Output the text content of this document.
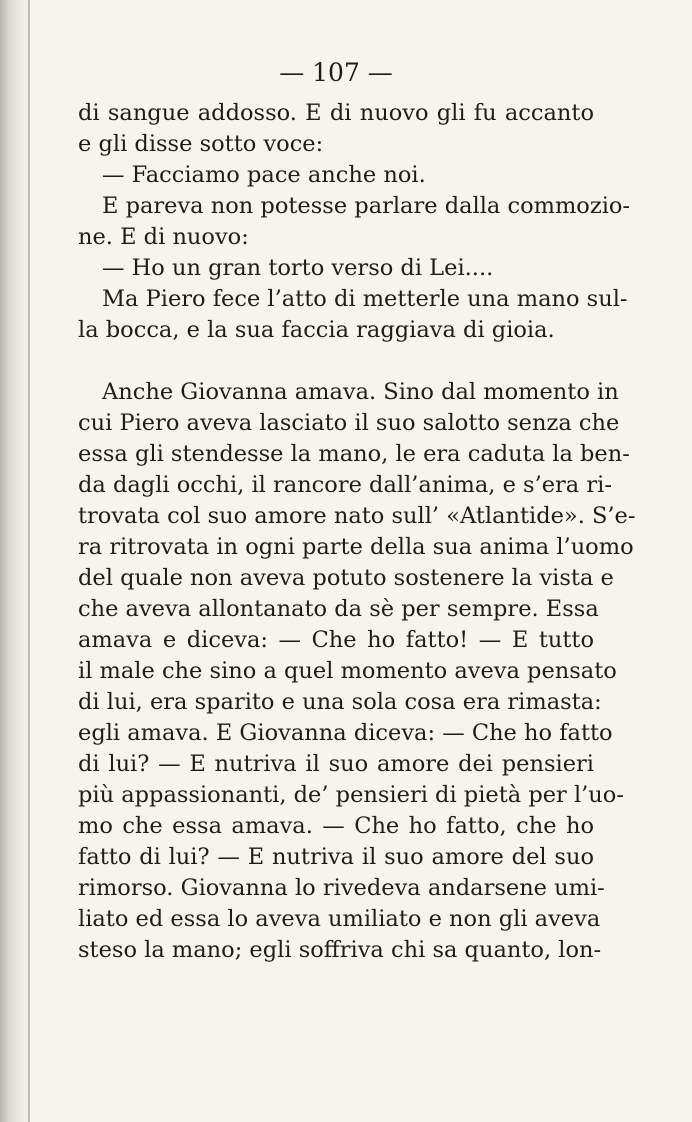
— 107 —
di sangue addosso. E di nuovo gli fu accanto
e gli disse sotto voce:
— Facciamo pace anche noi.
E pareva non potesse parlare dalla commozio-
ne. E di nuovo:
— Ho un gran torto verso di Lei....
Ma Piero fece l’atto di metterle una mano sul-
la bocca, e la sua faccia raggiava di gioia.
Anche Giovanna amava. Sino dal momento in
cui Piero aveva lasciato il suo salotto senza che
essa gli stendesse la mano, le era caduta la ben-
da dagli occhi, il rancore dall’anima, e s’era ri-
trovata col suo amore nato sull’ «Atlantide». S’e-
ra ritrovata in ogni parte della sua anima l’uomo
del quale non aveva potuto sostenere la vista e
che aveva allontanato da sè per sempre. Essa
amava e diceva: — Che ho fatto! — E tutto
il male che sino a quel momento aveva pensato
di lui, era sparito e una sola cosa era rimasta:
egli amava. E Giovanna diceva: — Che ho fatto
di lui? — E nutriva il suo amore dei pensieri
più appassionanti, de’ pensieri di pietà per l’uo-
mo che essa amava. — Che ho fatto, che ho
fatto di lui? — E nutriva il suo amore del suo
rimorso. Giovanna lo rivedeva andarsene umi-
liato ed essa lo aveva umiliato e non gli aveva
steso la mano; egli soffriva chi sa quanto, lon-
